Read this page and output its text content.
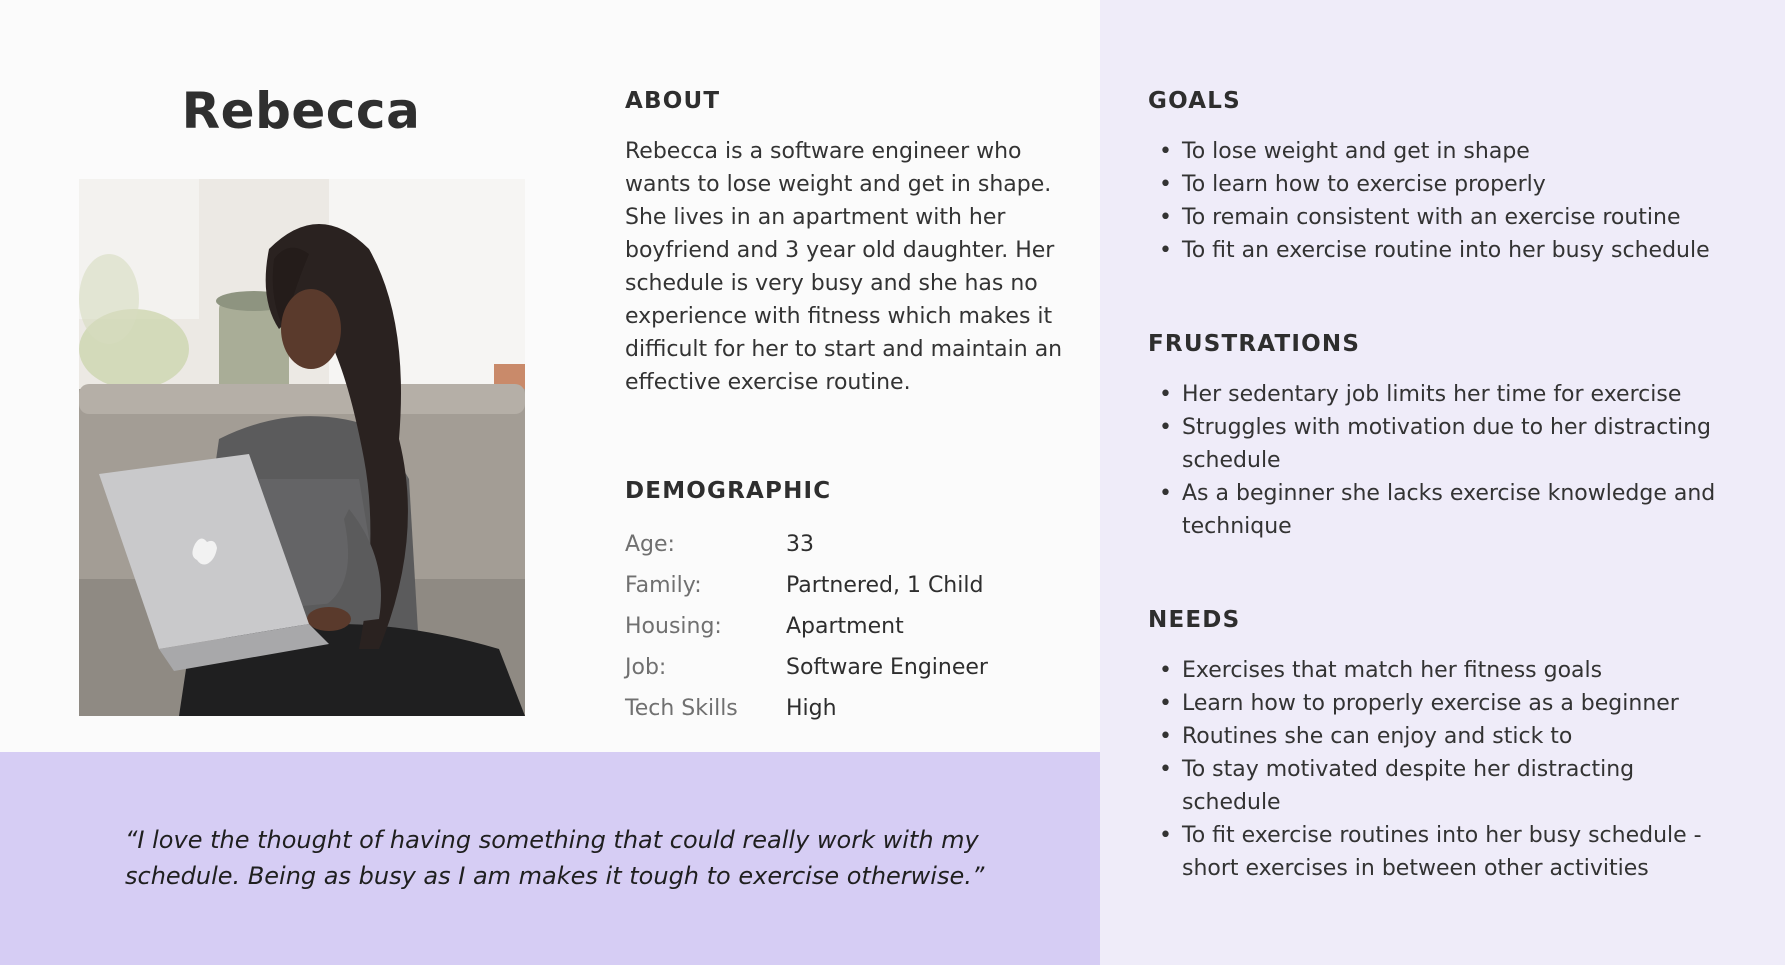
Rebecca	ABOUT

Rebecca is a software engineer who wants to lose weight and get in shape. She lives in an apartment with her boyfriend and 3 year old daughter. Her schedule is very busy and she has no experience with fitness which makes it difficult for her to start and maintain an effective exercise routine.

DEMOGRAPHIC
Age:	33
Family:	Partnered, 1 Child
Housing:	Apartment
Job:	Software Engineer
Tech Skills	High
GOALS
• To lose weight and get in shape
• To learn how to exercise properly
• To remain consistent with an exercise routine
• To fit an exercise routine into her busy schedule
FRUSTRATIONS
• Her sedentary job limits her time for exercise
• Struggles with motivation due to her distracting schedule
• As a beginner she lacks exercise knowledge and technique
NEEDS
• Exercises that match her fitness goals
• Learn how to properly exercise as a beginner
• Routines she can enjoy and stick to
• To stay motivated despite her distracting schedule
• To fit exercise routines into her busy schedule - short exercises in between other activities

“I love the thought of having something that could really work with my schedule. Being as busy as I am makes it tough to exercise otherwise.”
